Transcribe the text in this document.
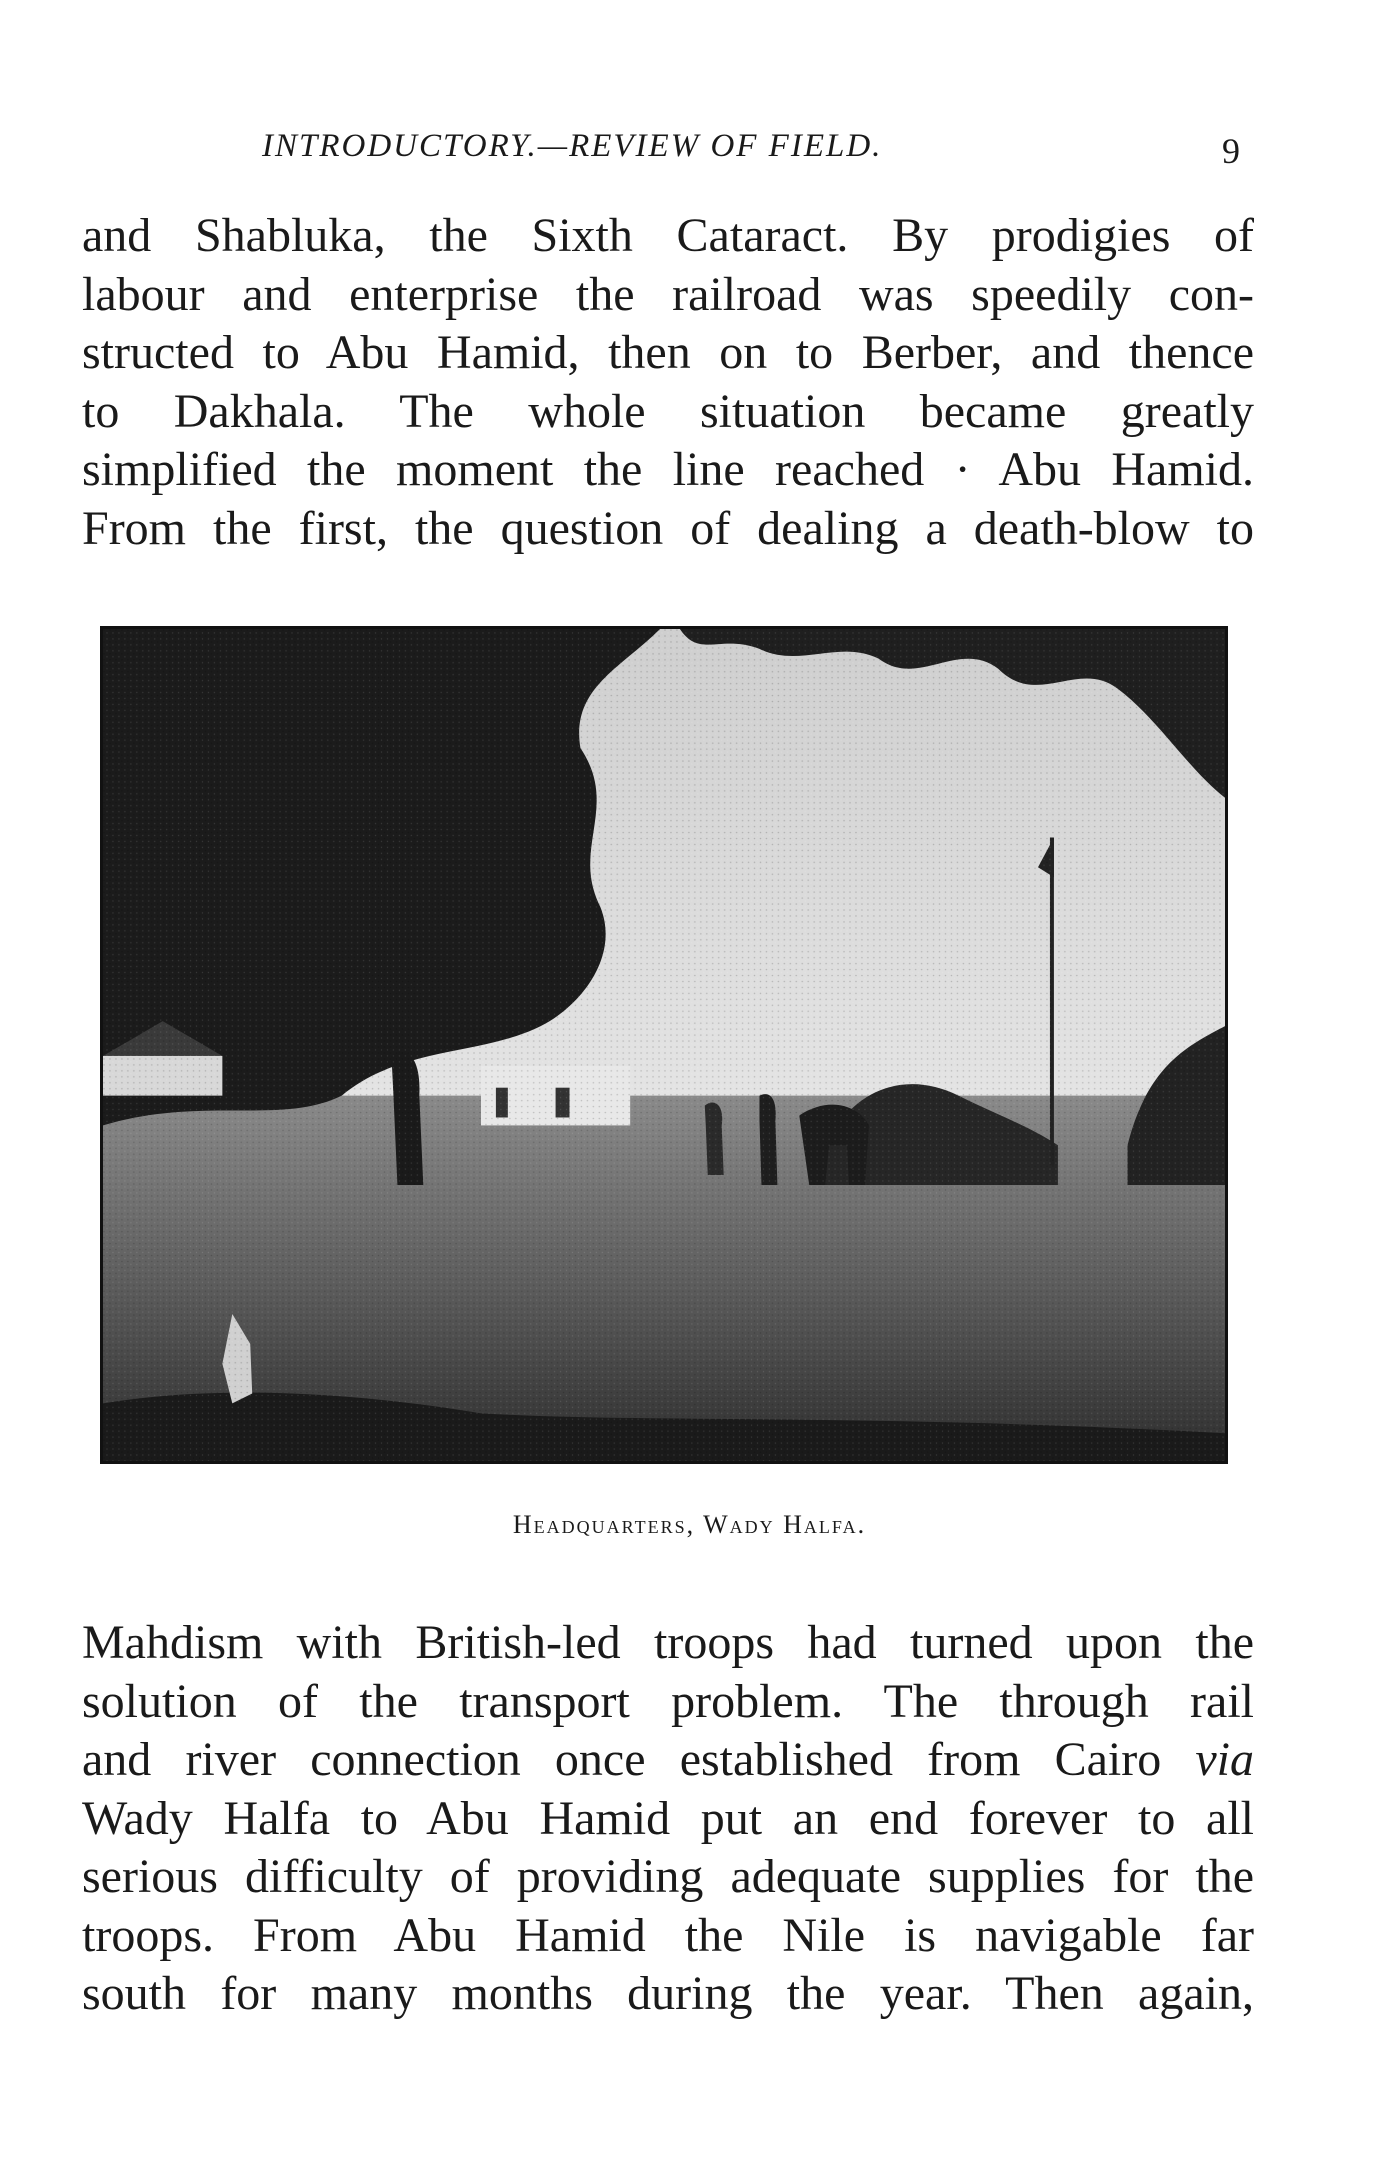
INTRODUCTORY.—REVIEW OF FIELD.	9
and Shabluka, the Sixth Cataract. By prodigies of
labour and enterprise the railroad was speedily con-
structed to Abu Hamid, then on to Berber, and thence
to Dakhala. The whole situation became greatly
simplified the moment the line reached · Abu Hamid.
From the first, the question of dealing a death-blow to
Headquarters, Wady Halfa.
Mahdism with British-led troops had turned upon the
solution of the transport problem. The through rail
and river connection once established from Cairo via
Wady Halfa to Abu Hamid put an end forever to all
serious difficulty of providing adequate supplies for the
troops. From Abu Hamid the Nile is navigable far
south for many months during the year. Then again,
